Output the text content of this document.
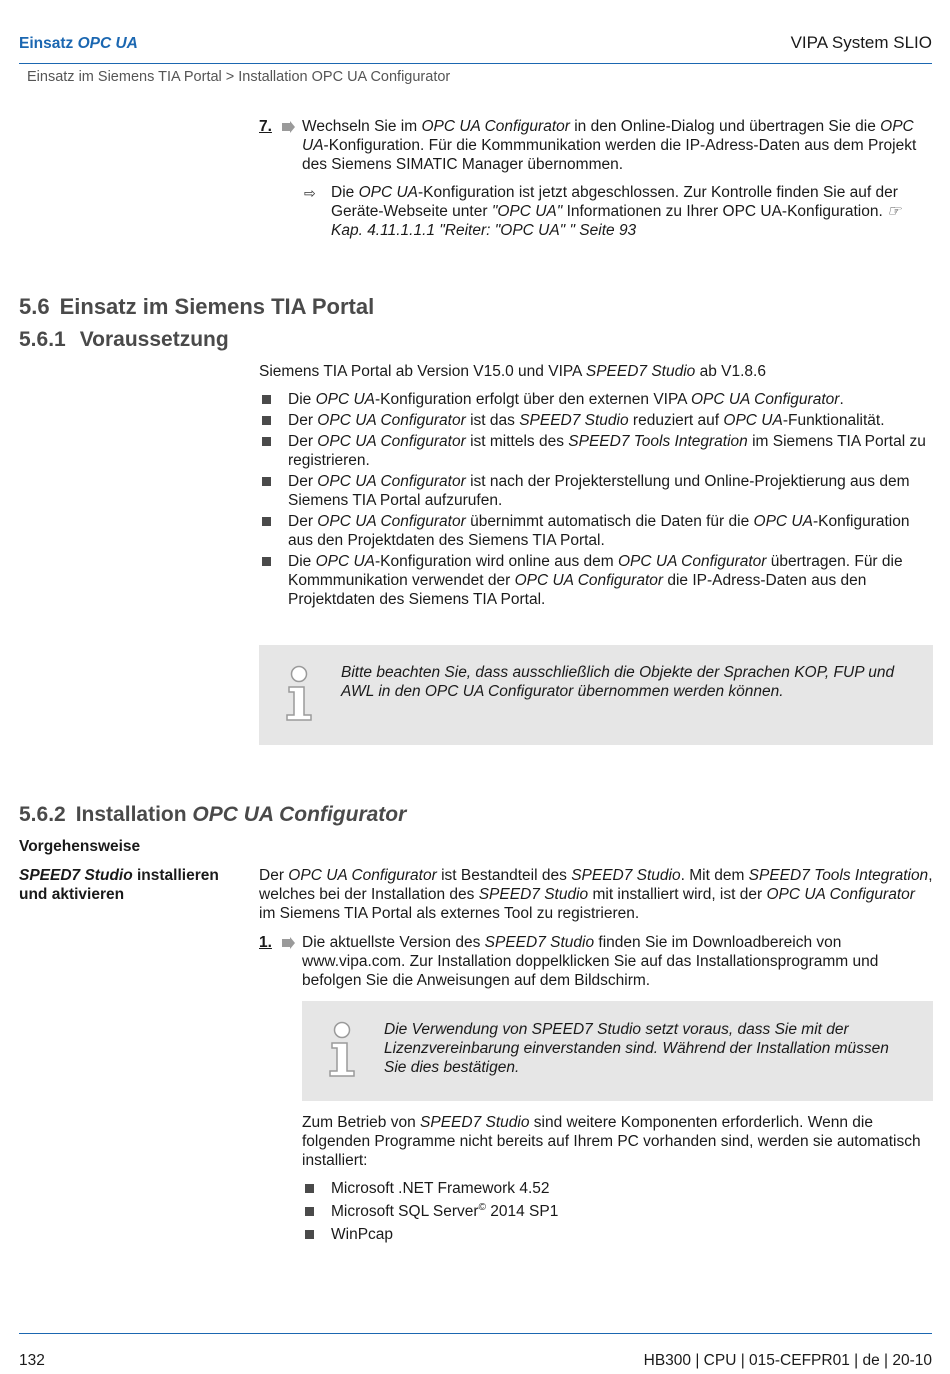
Einsatz OPC UA	VIPA System SLIO
Einsatz im Siemens TIA Portal > Installation OPC UA Configurator
7. Wechseln Sie im OPC UA Configurator in den Online-Dialog und übertragen Sie die OPC UA-Konfiguration. Für die Kommmunikation werden die IP-Adress-Daten aus dem Projekt des Siemens SIMATIC Manager übernommen.
⇨ Die OPC UA-Konfiguration ist jetzt abgeschlossen. Zur Kontrolle finden Sie auf der Geräte-Webseite unter "OPC UA" Informationen zu Ihrer OPC UA-Konfiguration. ☞ Kap. 4.11.1.1.1 "Reiter: "OPC UA" " Seite 93
5.6 Einsatz im Siemens TIA Portal
5.6.1 Voraussetzung

Siemens TIA Portal ab Version V15.0 und VIPA SPEED7 Studio ab V1.8.6

Die OPC UA-Konfiguration erfolgt über den externen VIPA OPC UA Configurator.
Der OPC UA Configurator ist das SPEED7 Studio reduziert auf OPC UA-Funktionalität.
Der OPC UA Configurator ist mittels des SPEED7 Tools Integration im Siemens TIA Portal zu registrieren.
Der OPC UA Configurator ist nach der Projekterstellung und Online-Projektierung aus dem Siemens TIA Portal aufzurufen.
Der OPC UA Configurator übernimmt automatisch die Daten für die OPC UA-Konfiguration aus den Projektdaten des Siemens TIA Portal.
Die OPC UA-Konfiguration wird online aus dem OPC UA Configurator übertragen. Für die Kommmunikation verwendet der OPC UA Configurator die IP-Adress-Daten aus den Projektdaten des Siemens TIA Portal.
Bitte beachten Sie, dass ausschließlich die Objekte der Sprachen KOP, FUP und AWL in den OPC UA Configurator übernommen werden können.
5.6.2 Installation OPC UA Configurator
Vorgehensweise
SPEED7 Studio installieren und aktivieren

Der OPC UA Configurator ist Bestandteil des SPEED7 Studio. Mit dem SPEED7 Tools Integration, welches bei der Installation des SPEED7 Studio mit installiert wird, ist der OPC UA Configurator im Siemens TIA Portal als externes Tool zu registrieren.

1. Die aktuellste Version des SPEED7 Studio finden Sie im Downloadbereich von www.vipa.com. Zur Installation doppelklicken Sie auf das Installationsprogramm und befolgen Sie die Anweisungen auf dem Bildschirm.
Die Verwendung von SPEED7 Studio setzt voraus, dass Sie mit der Lizenzvereinbarung einverstanden sind. Während der Installation müssen Sie dies bestätigen.

Zum Betrieb von SPEED7 Studio sind weitere Komponenten erforderlich. Wenn die folgenden Programme nicht bereits auf Ihrem PC vorhanden sind, werden sie automatisch installiert:

Microsoft .NET Framework 4.52
Microsoft SQL Server© 2014 SP1
WinPcap
132	HB300 | CPU | 015-CEFPR01 | de | 20-10
